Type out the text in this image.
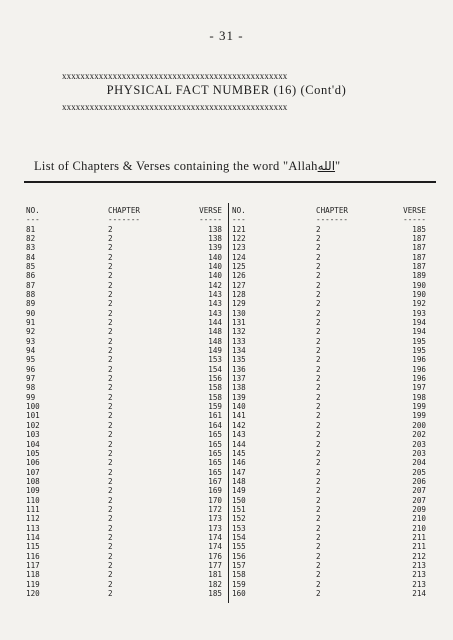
- 31 -
xxxxxxxxxxxxxxxxxxxxxxxxxxxxxxxxxxxxxxxxxxxxxxxxx
PHYSICAL FACT NUMBER (16) (Cont'd)
xxxxxxxxxxxxxxxxxxxxxxxxxxxxxxxxxxxxxxxxxxxxxxxxx
List of Chapters & Verses containing the word "Allahالله"
NO.	CHAPTER	VERSE
---	-------	-----
81	2	138
82	2	138
83	2	139
84	2	140
85	2	140
86	2	140
87	2	142
88	2	143
89	2	143
90	2	143
91	2	144
92	2	148
93	2	148
94	2	149
95	2	153
96	2	154
97	2	156
98	2	158
99	2	158
100	2	159
101	2	161
102	2	164
103	2	165
104	2	165
105	2	165
106	2	165
107	2	165
108	2	167
109	2	169
110	2	170
111	2	172
112	2	173
113	2	173
114	2	174
115	2	174
116	2	176
117	2	177
118	2	181
119	2	182
120	2	185
NO.	CHAPTER	VERSE
---	-------	-----
121	2	185
122	2	187
123	2	187
124	2	187
125	2	187
126	2	189
127	2	190
128	2	190
129	2	192
130	2	193
131	2	194
132	2	194
133	2	195
134	2	195
135	2	196
136	2	196
137	2	196
138	2	197
139	2	198
140	2	199
141	2	199
142	2	200
143	2	202
144	2	203
145	2	203
146	2	204
147	2	205
148	2	206
149	2	207
150	2	207
151	2	209
152	2	210
153	2	210
154	2	211
155	2	211
156	2	212
157	2	213
158	2	213
159	2	213
160	2	214
